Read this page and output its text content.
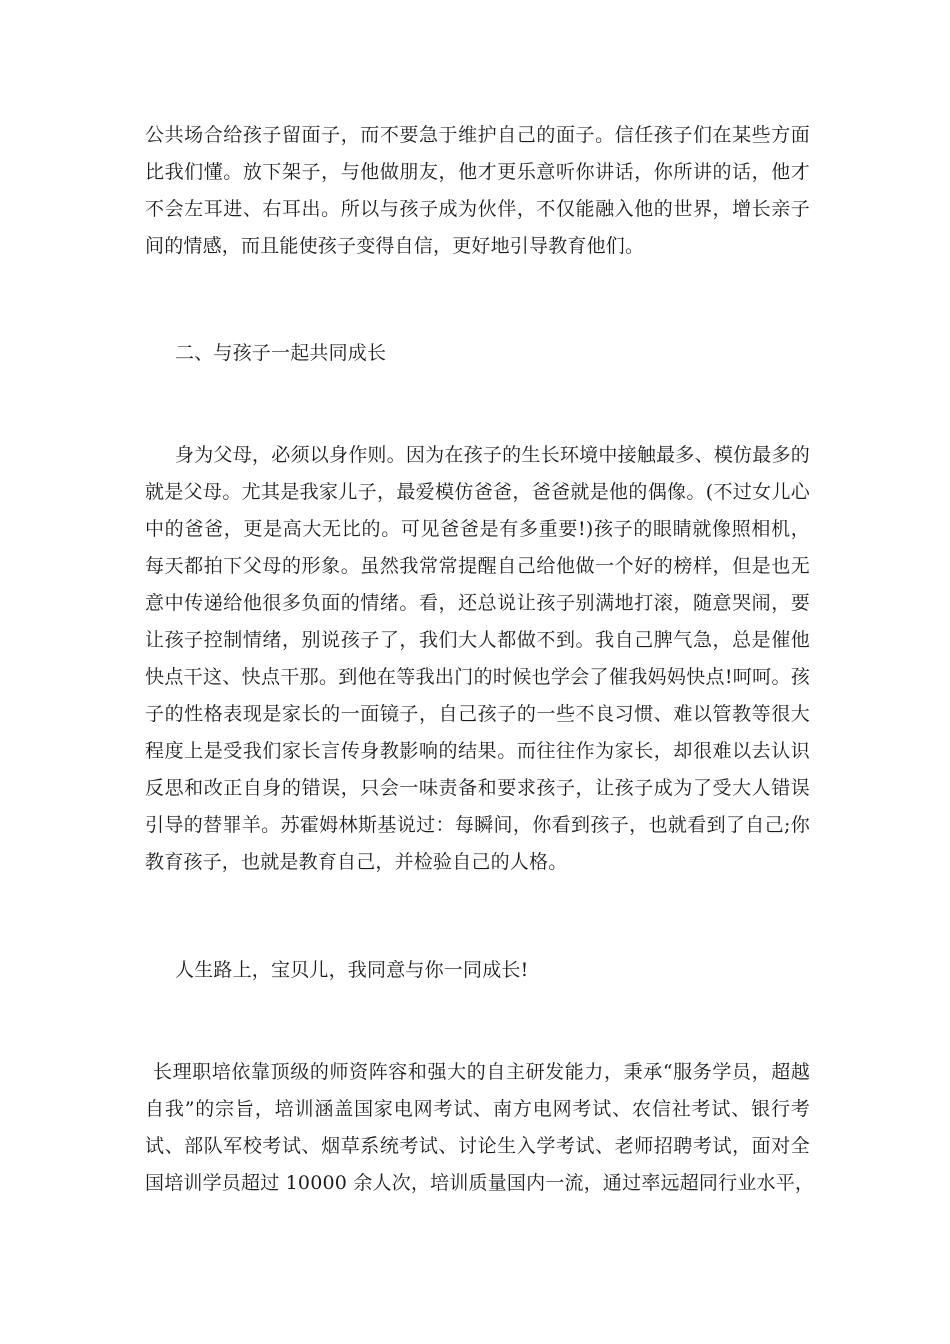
公共场合给孩子留面子，而不要急于维护自己的面子。信任孩子们在某些方面
比我们懂。放下架子，与他做朋友，他才更乐意听你讲话，你所讲的话，他才
不会左耳进、右耳出。所以与孩子成为伙伴，不仅能融入他的世界，增长亲子
间的情感，而且能使孩子变得自信，更好地引导教育他们。

二、与孩子一起共同成长

身为父母，必须以身作则。因为在孩子的生长环境中接触最多、模仿最多的
就是父母。尤其是我家儿子，最爱模仿爸爸，爸爸就是他的偶像。(不过女儿心
中的爸爸，更是高大无比的。可见爸爸是有多重要!)孩子的眼睛就像照相机，
每天都拍下父母的形象。虽然我常常提醒自己给他做一个好的榜样，但是也无
意中传递给他很多负面的情绪。看，还总说让孩子别满地打滚，随意哭闹，要
让孩子控制情绪，别说孩子了，我们大人都做不到。我自己脾气急，总是催他
快点干这、快点干那。到他在等我出门的时候也学会了催我妈妈快点!呵呵。孩
子的性格表现是家长的一面镜子，自己孩子的一些不良习惯、难以管教等很大
程度上是受我们家长言传身教影响的结果。而往往作为家长，却很难以去认识
反思和改正自身的错误，只会一味责备和要求孩子，让孩子成为了受大人错误
引导的替罪羊。苏霍姆林斯基说过：每瞬间，你看到孩子，也就看到了自己;你
教育孩子，也就是教育自己，并检验自己的人格。

人生路上，宝贝儿，我同意与你一同成长!

长理职培依靠顶级的师资阵容和强大的自主研发能力，秉承“服务学员，超越
自我”的宗旨，培训涵盖国家电网考试、南方电网考试、农信社考试、银行考
试、部队军校考试、烟草系统考试、讨论生入学考试、老师招聘考试，面对全
国培训学员超过 10000 余人次，培训质量国内一流，通过率远超同行业水平，
